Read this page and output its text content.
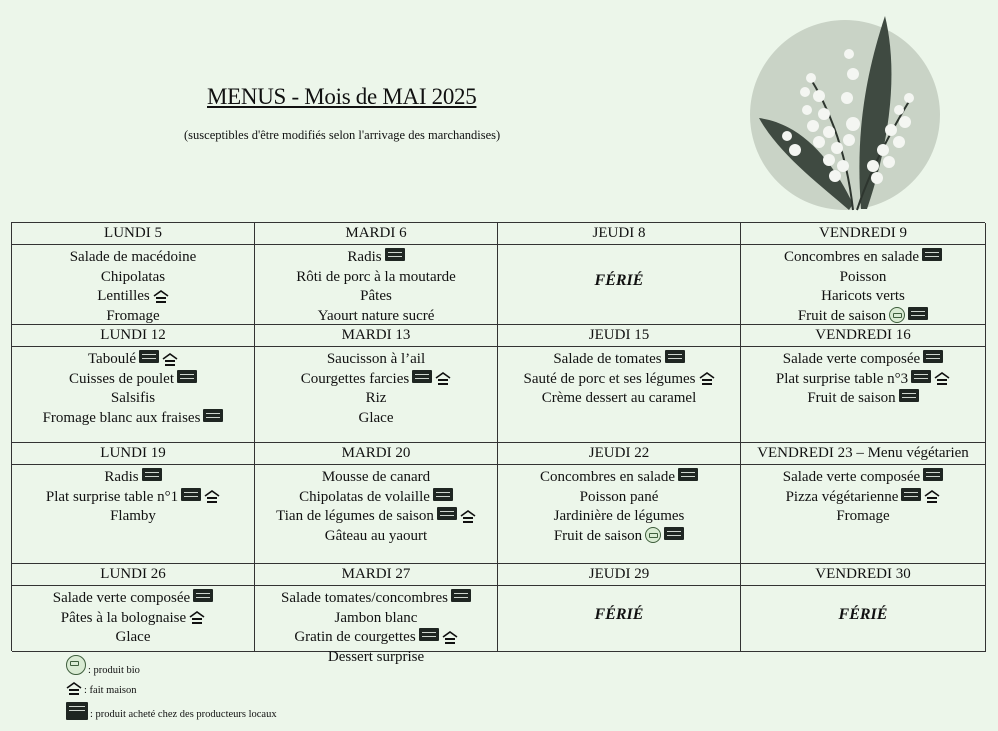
MENUS - Mois de MAI 2025
(susceptibles d'être modifiés selon l'arrivage des marchandises)
LUNDI 5
Salade de macédoine
Chipolatas
Lentilles
Fromage
MARDI 6
Radis
Rôti de porc à la moutarde
Pâtes
Yaourt nature sucré
JEUDI 8
FÉRIÉ
VENDREDI 9
Concombres en salade
Poisson
Haricots verts
Fruit de saison
LUNDI 12
Taboulé
Cuisses de poulet
Salsifis
Fromage blanc aux fraises
MARDI 13
Saucisson à l’ail
Courgettes farcies
Riz
Glace
JEUDI 15
Salade de tomates
Sauté de porc et ses légumes
Crème dessert au caramel
VENDREDI 16
Salade verte composée
Plat surprise table n°3
Fruit de saison
LUNDI 19
Radis
Plat surprise table n°1
Flamby
MARDI 20
Mousse de canard
Chipolatas de volaille
Tian de légumes de saison
Gâteau au yaourt
JEUDI 22
Concombres en salade
Poisson pané
Jardinière de légumes
Fruit de saison
VENDREDI 23 – Menu végétarien
Salade verte composée
Pizza végétarienne
Fromage
LUNDI 26
Salade verte composée
Pâtes à la bolognaise
Glace
MARDI 27
Salade tomates/concombres
Jambon blanc
Gratin de courgettes
Dessert surprise
JEUDI 29
FÉRIÉ
VENDREDI 30
FÉRIÉ
: produit bio
: fait maison
: produit acheté chez des producteurs locaux
